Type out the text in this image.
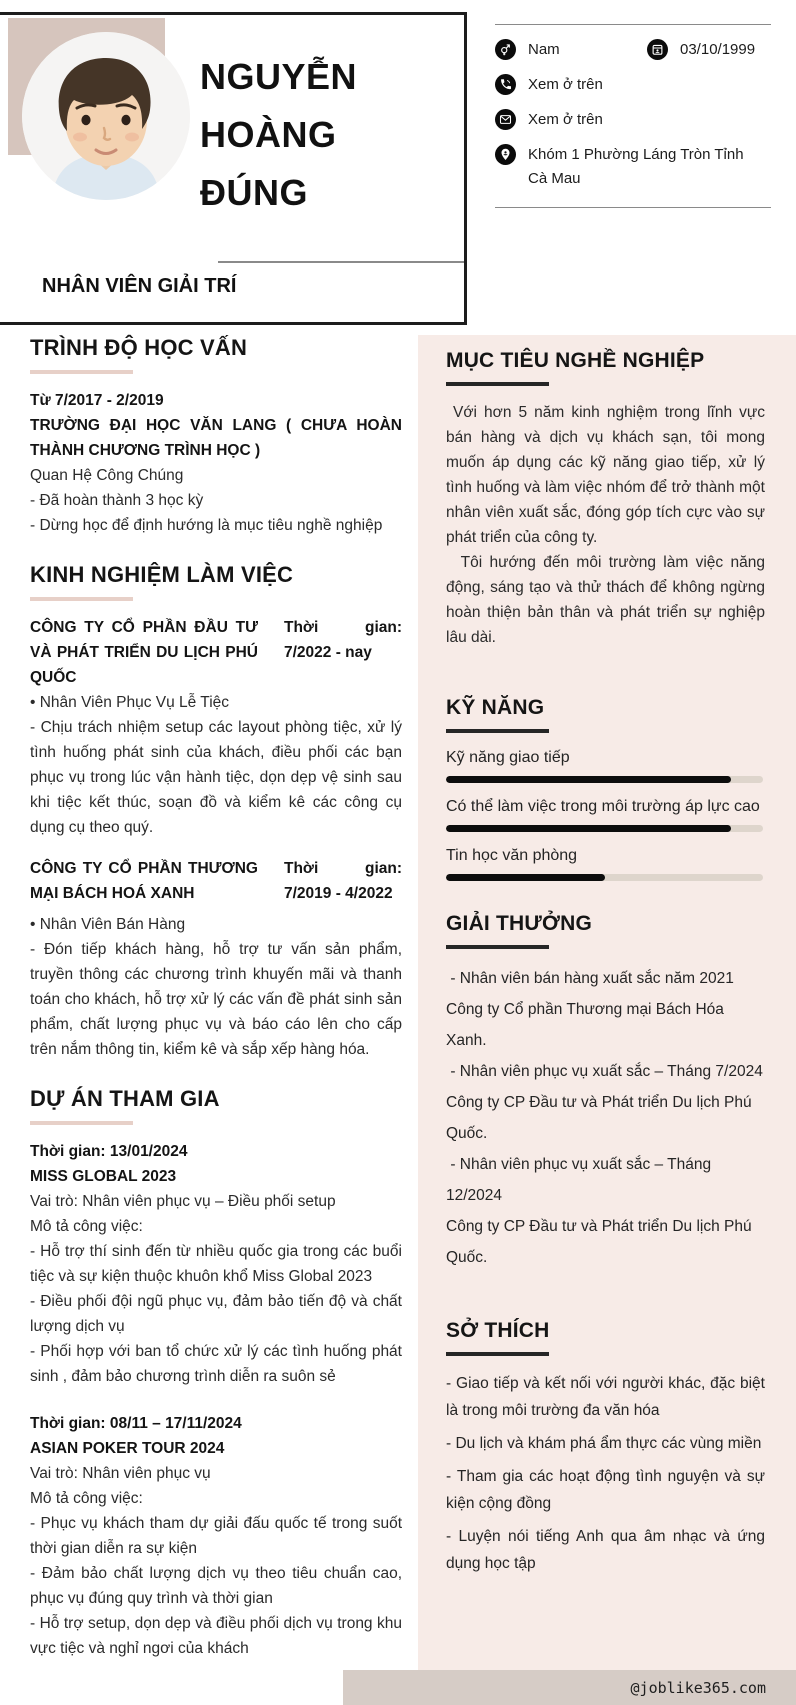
NGUYỄN
HOÀNG
ĐÚNG
NHÂN VIÊN GIẢI TRÍ
Nam	03/10/1999
Xem ở trên
Xem ở trên
Khóm 1 Phường Láng Tròn Tỉnh Cà Mau
TRÌNH ĐỘ HỌC VẤN
Từ 7/2017 - 2/2019
TRƯỜNG ĐẠI HỌC VĂN LANG ( CHƯA HOÀN THÀNH CHƯƠNG TRÌNH HỌC )
Quan Hệ Công Chúng
- Đã hoàn thành 3 học kỳ
- Dừng học để định hướng là mục tiêu nghề nghiệp
KINH NGHIỆM LÀM VIỆC
CÔNG TY CỔ PHẦN ĐẦU TƯ VÀ PHÁT TRIỂN DU LỊCH PHÚ QUỐC
Thời gian: 7/2022 - nay
• Nhân Viên Phục Vụ Lễ Tiệc
- Chịu trách nhiệm setup các layout phòng tiệc, xử lý tình huống phát sinh của khách, điều phối các bạn phục vụ trong lúc vận hành tiệc, dọn dẹp vệ sinh sau khi tiệc kết thúc, soạn đồ và kiểm kê các công cụ dụng cụ theo quý.
CÔNG TY CỔ PHẦN THƯƠNG MẠI BÁCH HOÁ XANH
Thời gian: 7/2019 - 4/2022
• Nhân Viên Bán Hàng
- Đón tiếp khách hàng, hỗ trợ tư vấn sản phẩm, truyền thông các chương trình khuyến mãi và thanh toán cho khách, hỗ trợ xử lý các vấn đề phát sinh sản phẩm, chất lượng phục vụ và báo cáo lên cho cấp trên nắm thông tin, kiểm kê và sắp xếp hàng hóa.
DỰ ÁN THAM GIA
Thời gian: 13/01/2024
MISS GLOBAL 2023
Vai trò: Nhân viên phục vụ – Điều phối setup
Mô tả công việc:
- Hỗ trợ thí sinh đến từ nhiều quốc gia trong các buổi tiệc và sự kiện thuộc khuôn khổ Miss Global 2023
- Điều phối đội ngũ phục vụ, đảm bảo tiến độ và chất lượng dịch vụ
- Phối hợp với ban tổ chức xử lý các tình huống phát sinh , đảm bảo chương trình diễn ra suôn sẻ
Thời gian: 08/11 – 17/11/2024
ASIAN POKER TOUR 2024
Vai trò: Nhân viên phục vụ
Mô tả công việc:
- Phục vụ khách tham dự giải đấu quốc tế trong suốt thời gian diễn ra sự kiện
- Đảm bảo chất lượng dịch vụ theo tiêu chuẩn cao, phục vụ đúng quy trình và thời gian
- Hỗ trợ setup, dọn dẹp và điều phối dịch vụ trong khu vực tiệc và nghỉ ngơi của khách
MỤC TIÊU NGHỀ NGHIỆP
Với hơn 5 năm kinh nghiệm trong lĩnh vực bán hàng và dịch vụ khách sạn, tôi mong muốn áp dụng các kỹ năng giao tiếp, xử lý tình huống và làm việc nhóm để trở thành một nhân viên xuất sắc, đóng góp tích cực vào sự phát triển của công ty.
Tôi hướng đến môi trường làm việc năng động, sáng tạo và thử thách để không ngừng hoàn thiện bản thân và phát triển sự nghiệp lâu dài.
KỸ NĂNG
Kỹ năng giao tiếp
Có thể làm việc trong môi trường áp lực cao
Tin học văn phòng
GIẢI THƯỞNG
- Nhân viên bán hàng xuất sắc năm 2021
Công ty Cổ phần Thương mại Bách Hóa Xanh.
- Nhân viên phục vụ xuất sắc – Tháng 7/2024
Công ty CP Đầu tư và Phát triển Du lịch Phú Quốc.
- Nhân viên phục vụ xuất sắc – Tháng 12/2024
Công ty CP Đầu tư và Phát triển Du lịch Phú Quốc.
SỞ THÍCH
- Giao tiếp và kết nối với người khác, đặc biệt là trong môi trường đa văn hóa
- Du lịch và khám phá ẩm thực các vùng miền
- Tham gia các hoạt động tình nguyện và sự kiện cộng đồng
- Luyện nói tiếng Anh qua âm nhạc và ứng dụng học tập
@joblike365.com
